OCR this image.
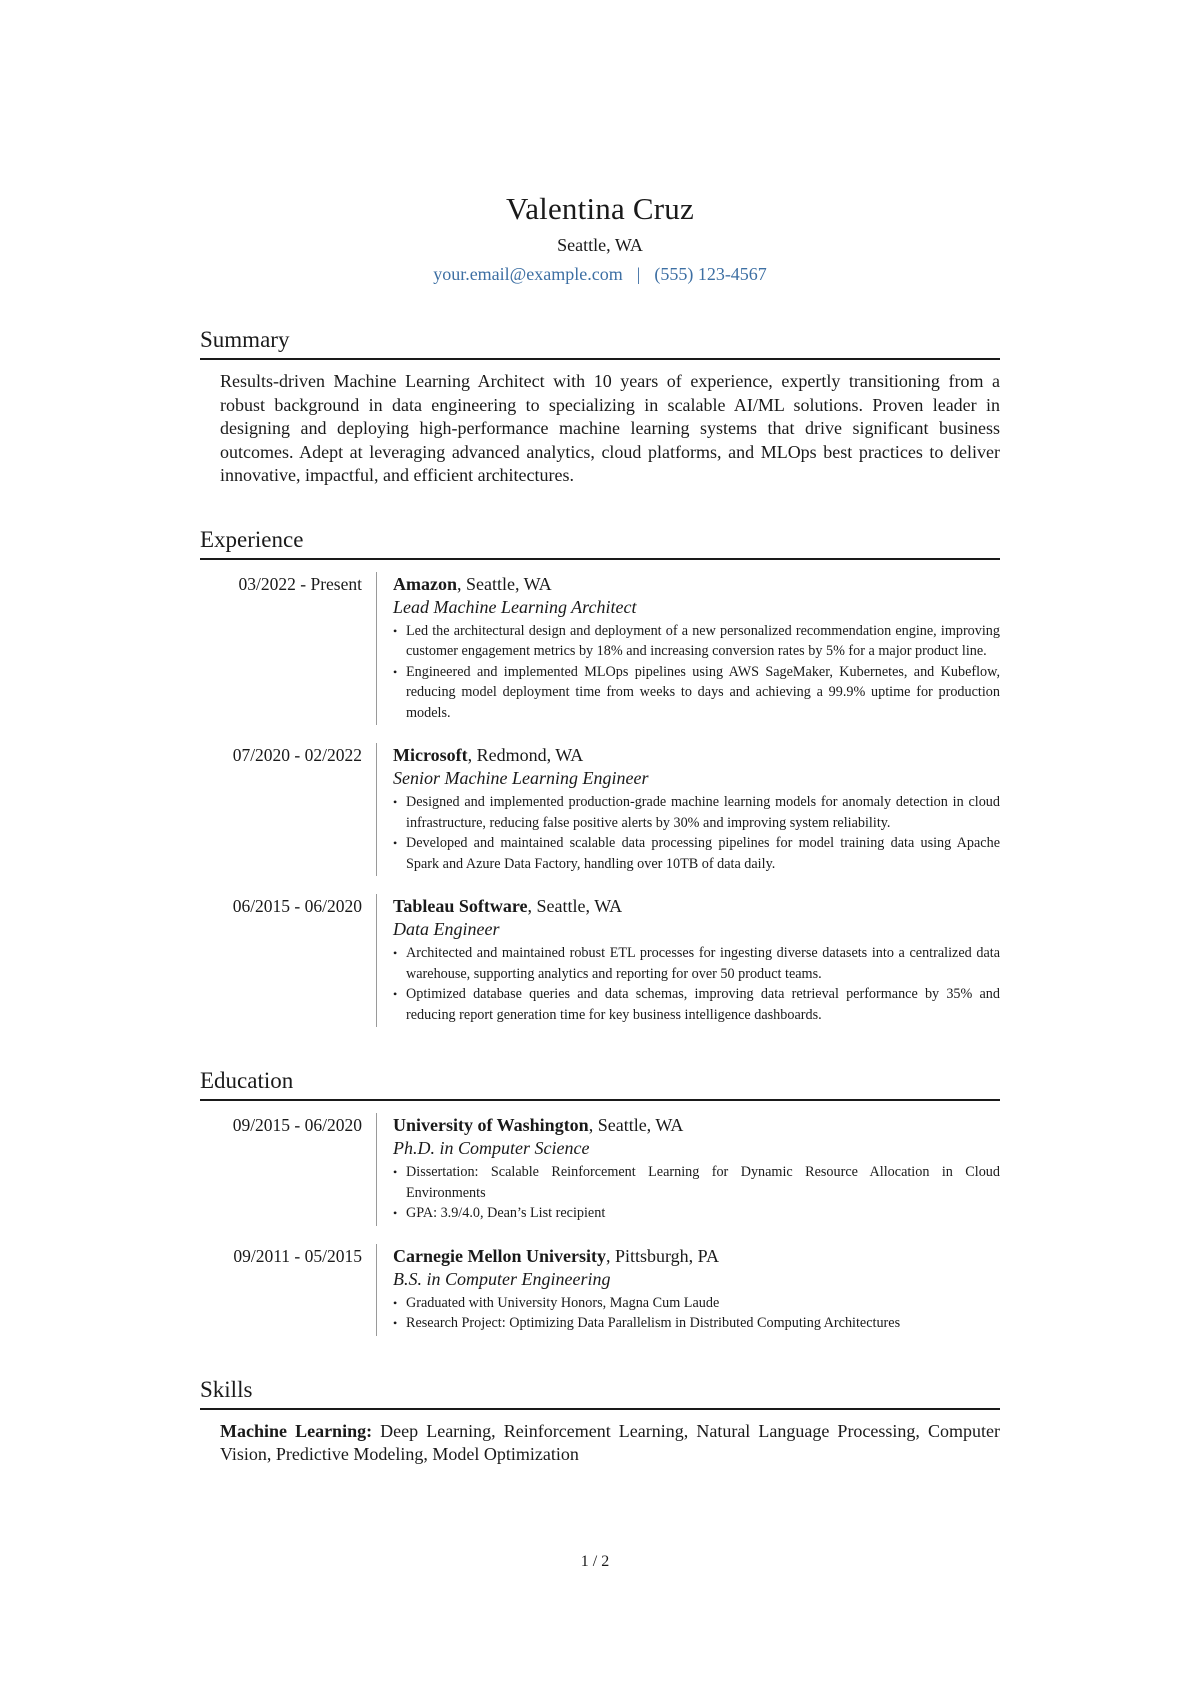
Valentina Cruz
Seattle, WA
your.email@example.com | (555) 123-4567
Summary

Results-driven Machine Learning Architect with 10 years of experience, expertly transitioning from a robust background in data engineering to specializing in scalable AI/ML solutions. Proven leader in designing and deploying high-performance machine learning systems that drive significant business outcomes. Adept at leveraging advanced analytics, cloud platforms, and MLOps best practices to deliver innovative, impactful, and efficient architectures.

Experience
03/2022 - Present	Amazon, Seattle, WA
Lead Machine Learning Architect
• Led the architectural design and deployment of a new personalized recommendation engine, improving customer engagement metrics by 18% and increasing conversion rates by 5% for a major product line.
• Engineered and implemented MLOps pipelines using AWS SageMaker, Kubernetes, and Kubeflow, reducing model deployment time from weeks to days and achieving a 99.9% uptime for production models.
07/2020 - 02/2022	Microsoft, Redmond, WA
Senior Machine Learning Engineer
• Designed and implemented production-grade machine learning models for anomaly detection in cloud infrastructure, reducing false positive alerts by 30% and improving system reliability.
• Developed and maintained scalable data processing pipelines for model training data using Apache Spark and Azure Data Factory, handling over 10TB of data daily.
06/2015 - 06/2020	Tableau Software, Seattle, WA
Data Engineer
• Architected and maintained robust ETL processes for ingesting diverse datasets into a centralized data warehouse, supporting analytics and reporting for over 50 product teams.
• Optimized database queries and data schemas, improving data retrieval performance by 35% and reducing report generation time for key business intelligence dashboards.
Education
09/2015 - 06/2020	University of Washington, Seattle, WA
Ph.D. in Computer Science
• Dissertation: Scalable Reinforcement Learning for Dynamic Resource Allocation in Cloud Environments
• GPA: 3.9/4.0, Dean’s List recipient
09/2011 - 05/2015	Carnegie Mellon University, Pittsburgh, PA
B.S. in Computer Engineering
• Graduated with University Honors, Magna Cum Laude
• Research Project: Optimizing Data Parallelism in Distributed Computing Architectures
Skills

Machine Learning: Deep Learning, Reinforcement Learning, Natural Language Processing, Computer Vision, Predictive Modeling, Model Optimization

1 / 2
